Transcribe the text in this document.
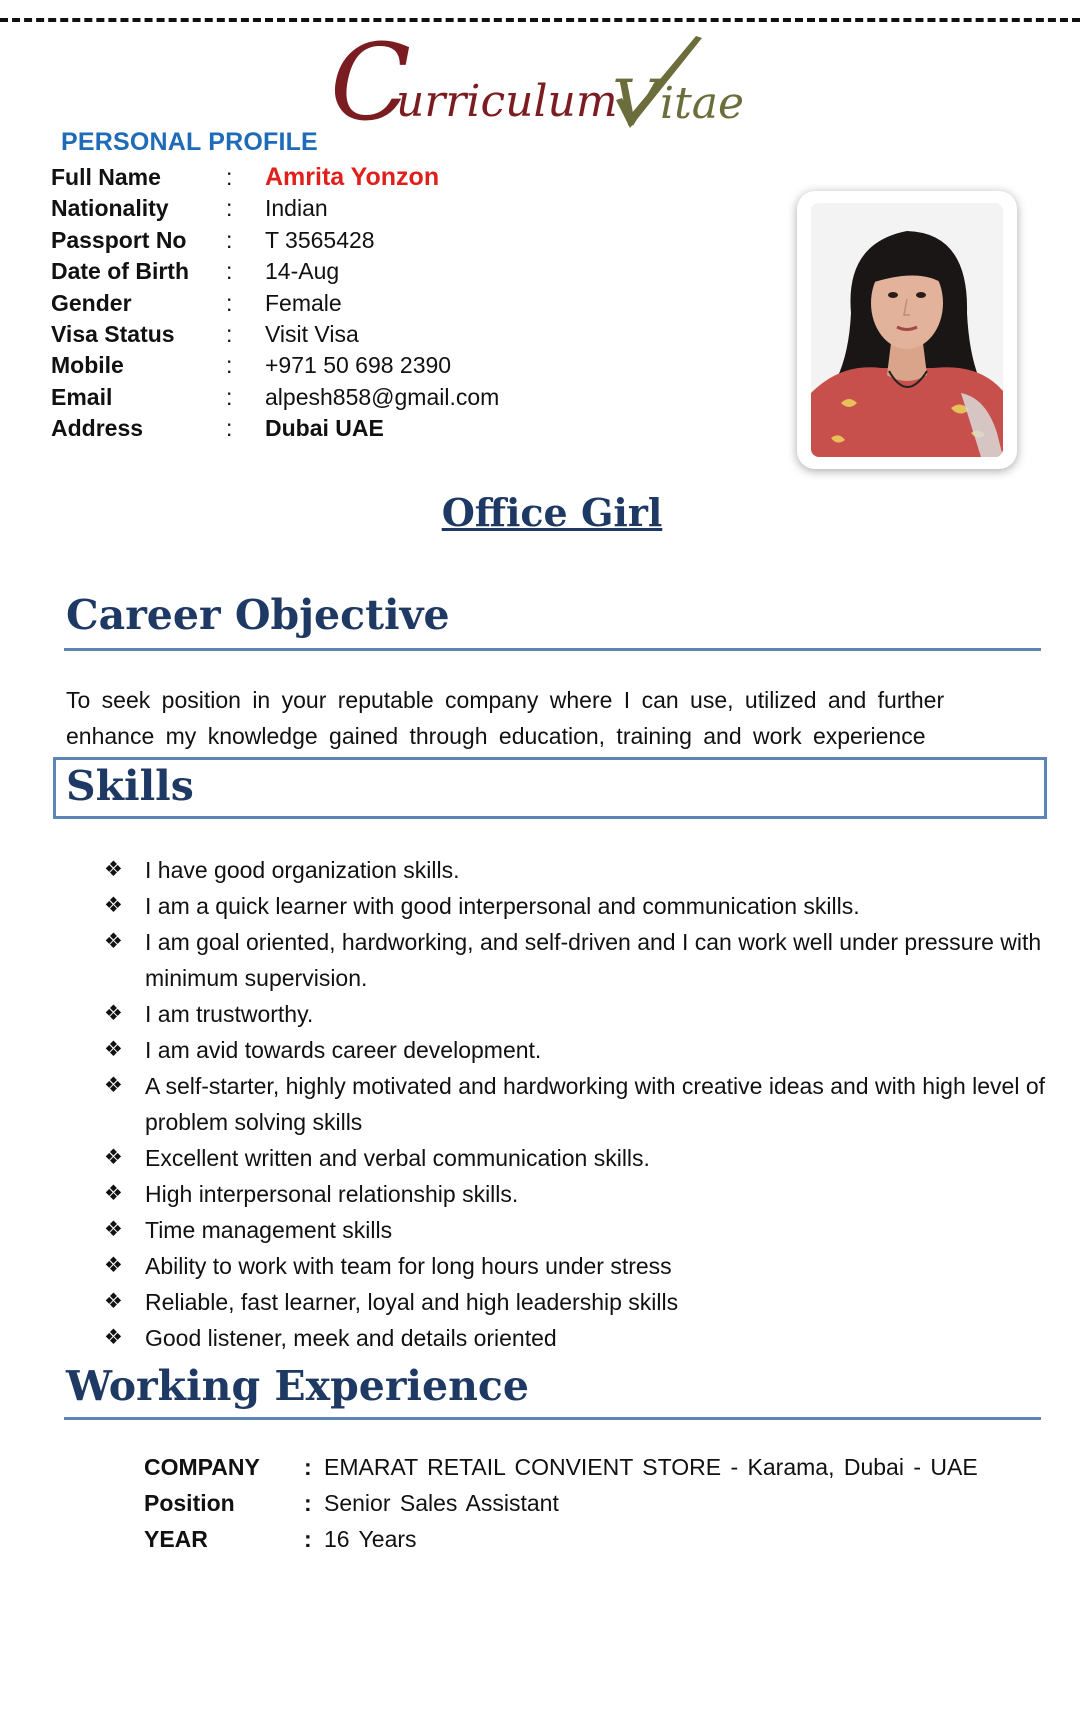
C
urriculum
V itae
PERSONAL PROFILE
Full Name	: Amrita Yonzon
Nationality : Indian
Passport No : T 3565428
Date of Birth : 14-Aug
Gender	: Female
Visa Status : Visit Visa
Mobile	: +971 50 698 2390
Email	: alpesh858@gmail.com
Address	: Dubai UAE
Office Girl
Career Objective
To seek position in your reputable company where I can use, utilized and further enhance my knowledge gained through education, training and work experience
Skills
❖ I have good organization skills.
❖ I am a quick learner with good interpersonal and communication skills.
❖ I am goal oriented, hardworking, and self-driven and I can work well under pressure with minimum supervision.
❖ I am trustworthy.
❖ I am avid towards career development.
❖ A self-starter, highly motivated and hardworking with creative ideas and with high level of problem solving skills
❖ Excellent written and verbal communication skills.
❖ High interpersonal relationship skills.
❖ Time management skills
❖ Ability to work with team for long hours under stress
❖ Reliable, fast learner, loyal and high leadership skills
❖ Good listener, meek and details oriented
Working Experience
COMPANY : EMARAT RETAIL CONVIENT STORE - Karama, Dubai - UAE
Position	: Senior Sales Assistant
YEAR	: 16 Years
